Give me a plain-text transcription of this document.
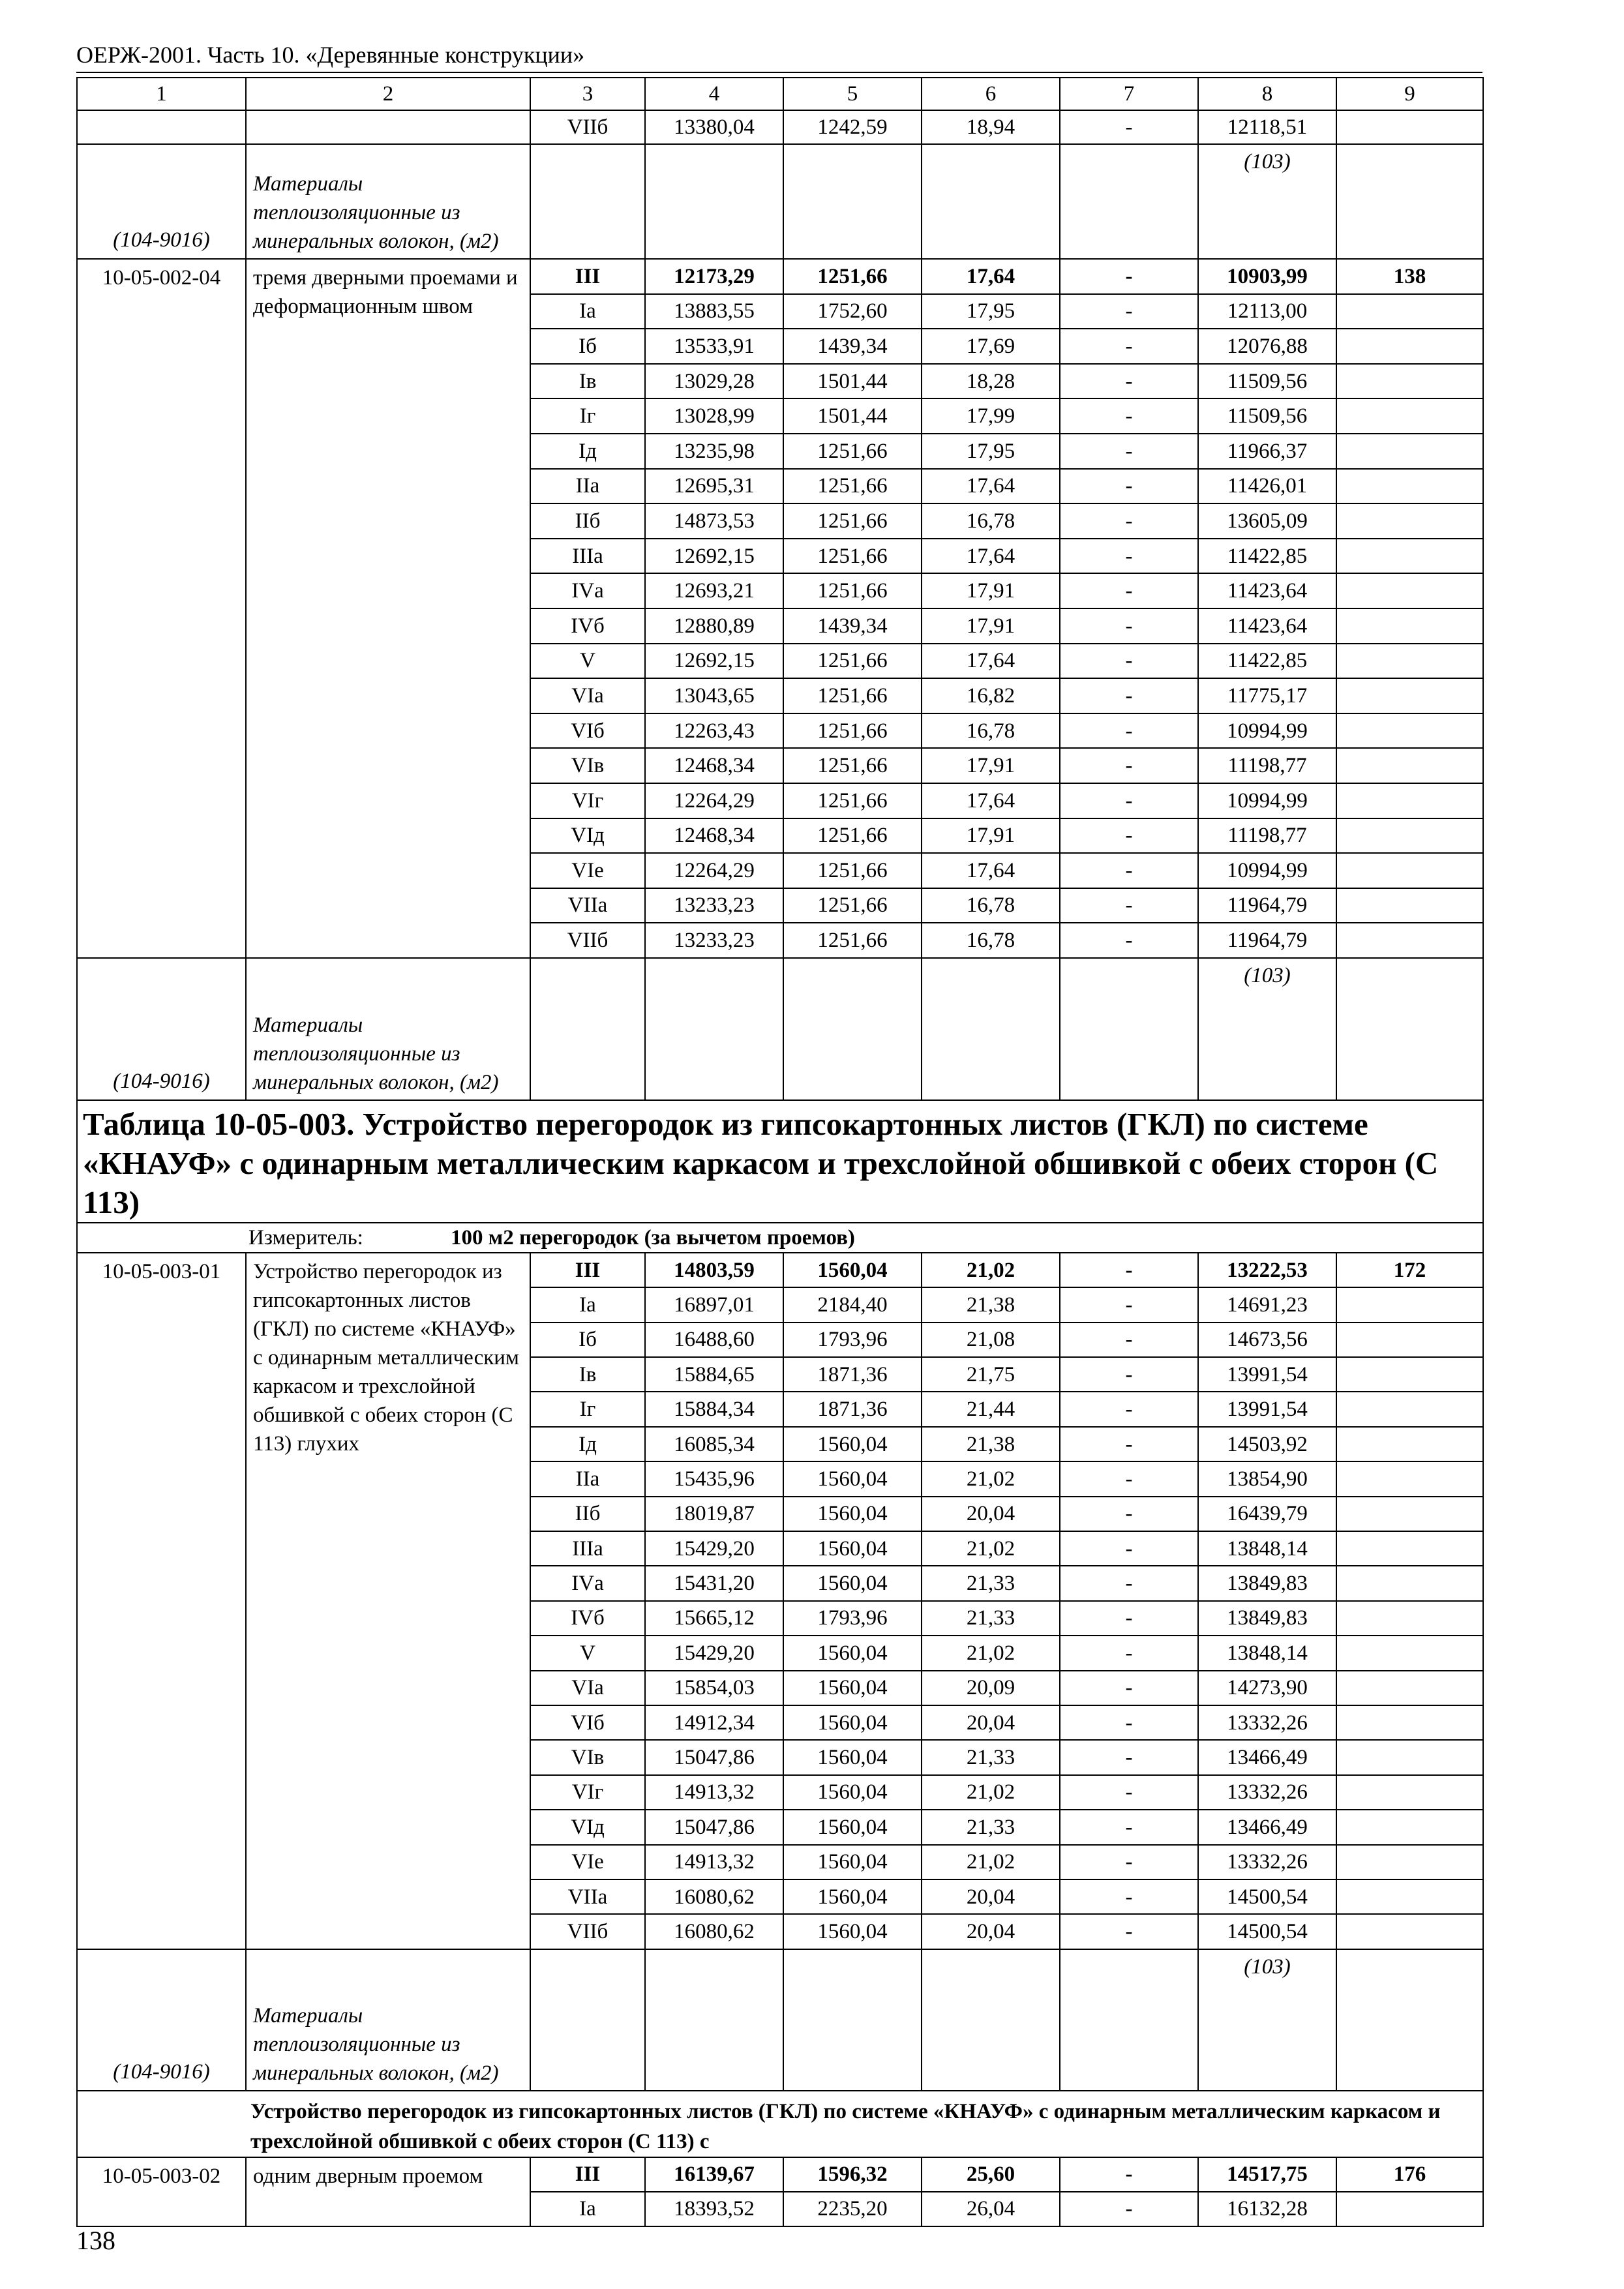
ОЕРЖ-2001. Часть 10. «Деревянные конструкции»
1	2	3	4	5	6	7	8	9
		VIIб	13380,04	1242,59	18,94	-	12118,51	
(104-9016)	Материалы теплоизоляционные из минеральных волокон, (м2)						(103)	
10-05-002-04	тремя дверными проемами и деформационным швом	III	12173,29	1251,66	17,64	-	10903,99	138
		Iа	13883,55	1752,60	17,95	-	12113,00	
		Iб	13533,91	1439,34	17,69	-	12076,88	
		Iв	13029,28	1501,44	18,28	-	11509,56	
		Iг	13028,99	1501,44	17,99	-	11509,56	
		Iд	13235,98	1251,66	17,95	-	11966,37	
		IIа	12695,31	1251,66	17,64	-	11426,01	
		IIб	14873,53	1251,66	16,78	-	13605,09	
		IIIа	12692,15	1251,66	17,64	-	11422,85	
		IVа	12693,21	1251,66	17,91	-	11423,64	
		IVб	12880,89	1439,34	17,91	-	11423,64	
		V	12692,15	1251,66	17,64	-	11422,85	
		VIа	13043,65	1251,66	16,82	-	11775,17	
		VIб	12263,43	1251,66	16,78	-	10994,99	
		VIв	12468,34	1251,66	17,91	-	11198,77	
		VIг	12264,29	1251,66	17,64	-	10994,99	
		VIд	12468,34	1251,66	17,91	-	11198,77	
		VIе	12264,29	1251,66	17,64	-	10994,99	
		VIIа	13233,23	1251,66	16,78	-	11964,79	
		VIIб	13233,23	1251,66	16,78	-	11964,79	
(104-9016)	Материалы теплоизоляционные из минеральных волокон, (м2)						(103)	
Таблица 10-05-003. Устройство перегородок из гипсокартонных листов (ГКЛ) по системе «КНАУФ» с одинарным металлическим каркасом и трехслойной обшивкой с обеих сторон (С 113)								
Измеритель: 100 м2 перегородок (за вычетом проемов)								
10-05-003-01	Устройство перегородок из гипсокартонных листов (ГКЛ) по системе «КНАУФ» с одинарным металлическим каркасом и трехслойной обшивкой с обеих сторон (С 113) глухих	III	14803,59	1560,04	21,02	-	13222,53	172
		Iа	16897,01	2184,40	21,38	-	14691,23	
		Iб	16488,60	1793,96	21,08	-	14673,56	
		Iв	15884,65	1871,36	21,75	-	13991,54	
		Iг	15884,34	1871,36	21,44	-	13991,54	
		Iд	16085,34	1560,04	21,38	-	14503,92	
		IIа	15435,96	1560,04	21,02	-	13854,90	
		IIб	18019,87	1560,04	20,04	-	16439,79	
		IIIа	15429,20	1560,04	21,02	-	13848,14	
		IVа	15431,20	1560,04	21,33	-	13849,83	
		IVб	15665,12	1793,96	21,33	-	13849,83	
		V	15429,20	1560,04	21,02	-	13848,14	
		VIа	15854,03	1560,04	20,09	-	14273,90	
		VIб	14912,34	1560,04	20,04	-	13332,26	
		VIв	15047,86	1560,04	21,33	-	13466,49	
		VIг	14913,32	1560,04	21,02	-	13332,26	
		VIд	15047,86	1560,04	21,33	-	13466,49	
		VIе	14913,32	1560,04	21,02	-	13332,26	
		VIIа	16080,62	1560,04	20,04	-	14500,54	
		VIIб	16080,62	1560,04	20,04	-	14500,54	
(104-9016)	Материалы теплоизоляционные из минеральных волокон, (м2)						(103)	
Устройство перегородок из гипсокартонных листов (ГКЛ) по системе «КНАУФ» с одинарным металлическим каркасом и трехслойной обшивкой с обеих сторон (С 113) с								
10-05-003-02	одним дверным проемом	III	16139,67	1596,32	25,60	-	14517,75	176
		Iа	18393,52	2235,20	26,04	-	16132,28	
138
